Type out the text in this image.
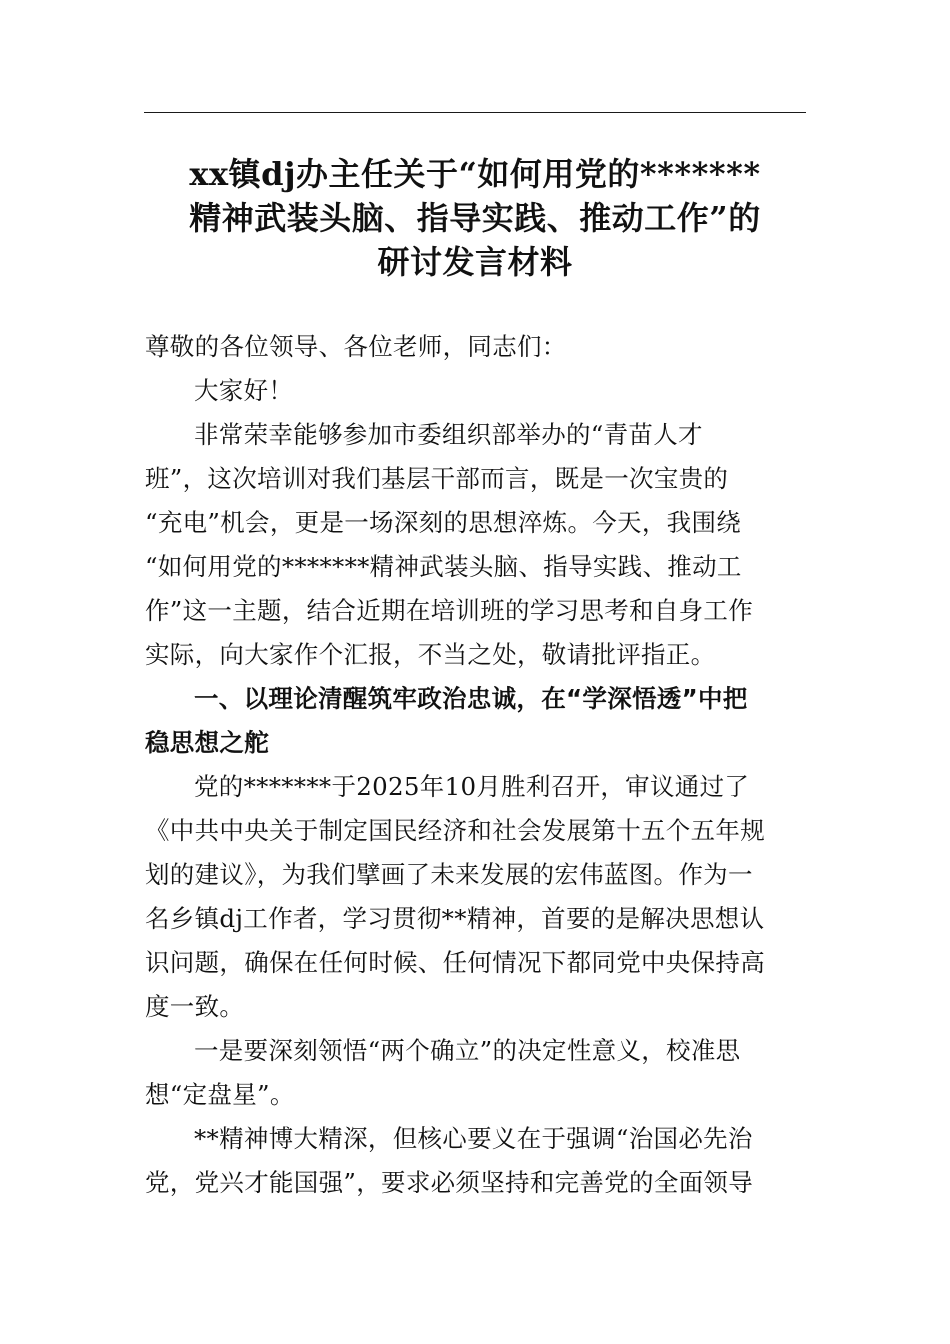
xx镇dj办主任关于“如何用党的*******
精神武装头脑、指导实践、推动工作”的
研讨发言材料
尊敬的各位领导、各位老师，同志们：
大家好！
非常荣幸能够参加市委组织部举办的“青苗人才
班”，这次培训对我们基层干部而言，既是一次宝贵的
“充电”机会，更是一场深刻的思想淬炼。今天，我围绕
“如何用党的*******精神武装头脑、指导实践、推动工
作”这一主题，结合近期在培训班的学习思考和自身工作
实际，向大家作个汇报，不当之处，敬请批评指正。
一、以理论清醒筑牢政治忠诚，在“学深悟透”中把
稳思想之舵
党的*******于2025年10月胜利召开，审议通过了
《中共中央关于制定国民经济和社会发展第十五个五年规
划的建议》，为我们擘画了未来发展的宏伟蓝图。作为一
名乡镇dj工作者，学习贯彻**精神，首要的是解决思想认
识问题，确保在任何时候、任何情况下都同党中央保持高
度一致。
一是要深刻领悟“两个确立”的决定性意义，校准思
想“定盘星”。
**精神博大精深，但核心要义在于强调“治国必先治
党，党兴才能国强”，要求必须坚持和完善党的全面领导
